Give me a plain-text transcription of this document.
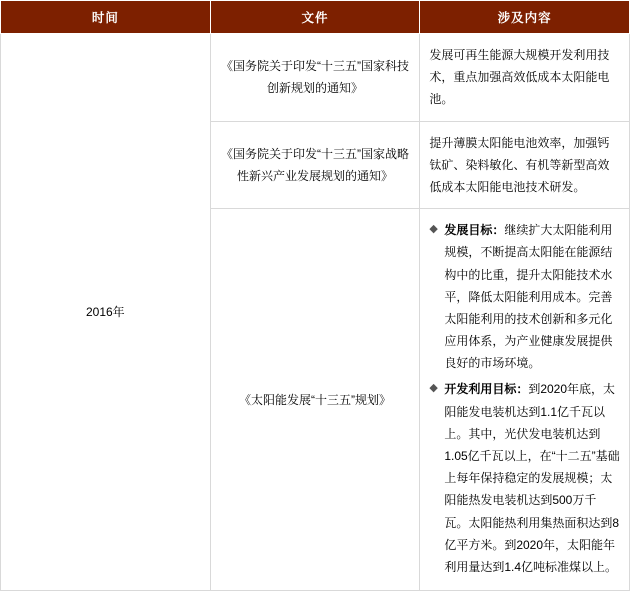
时间	文件	涉及内容
2016年	《国务院关于印发“十三五”国家科技创新规划的通知》	发展可再生能源大规模开发利用技术，重点加强高效低成本太阳能电池。
	《国务院关于印发“十三五”国家战略性新兴产业发展规划的通知》	提升薄膜太阳能电池效率，加强钙钛矿、染料敏化、有机等新型高效低成本太阳能电池技术研发。
	《太阳能发展“十三五”规划》	◆ 发展目标：继续扩大太阳能利用规模，不断提高太阳能在能源结构中的比重，提升太阳能技术水平，降低太阳能利用成本。完善太阳能利用的技术创新和多元化应用体系，为产业健康发展提供良好的市场环境。
◆ 开发利用目标：到2020年底，太阳能发电装机达到1.1亿千瓦以上。其中，光伏发电装机达到1.05亿千瓦以上，在“十二五”基础上每年保持稳定的发展规模；太阳能热发电装机达到500万千瓦。太阳能热利用集热面积达到8亿平方米。到2020年，太阳能年利用量达到1.4亿吨标准煤以上。
